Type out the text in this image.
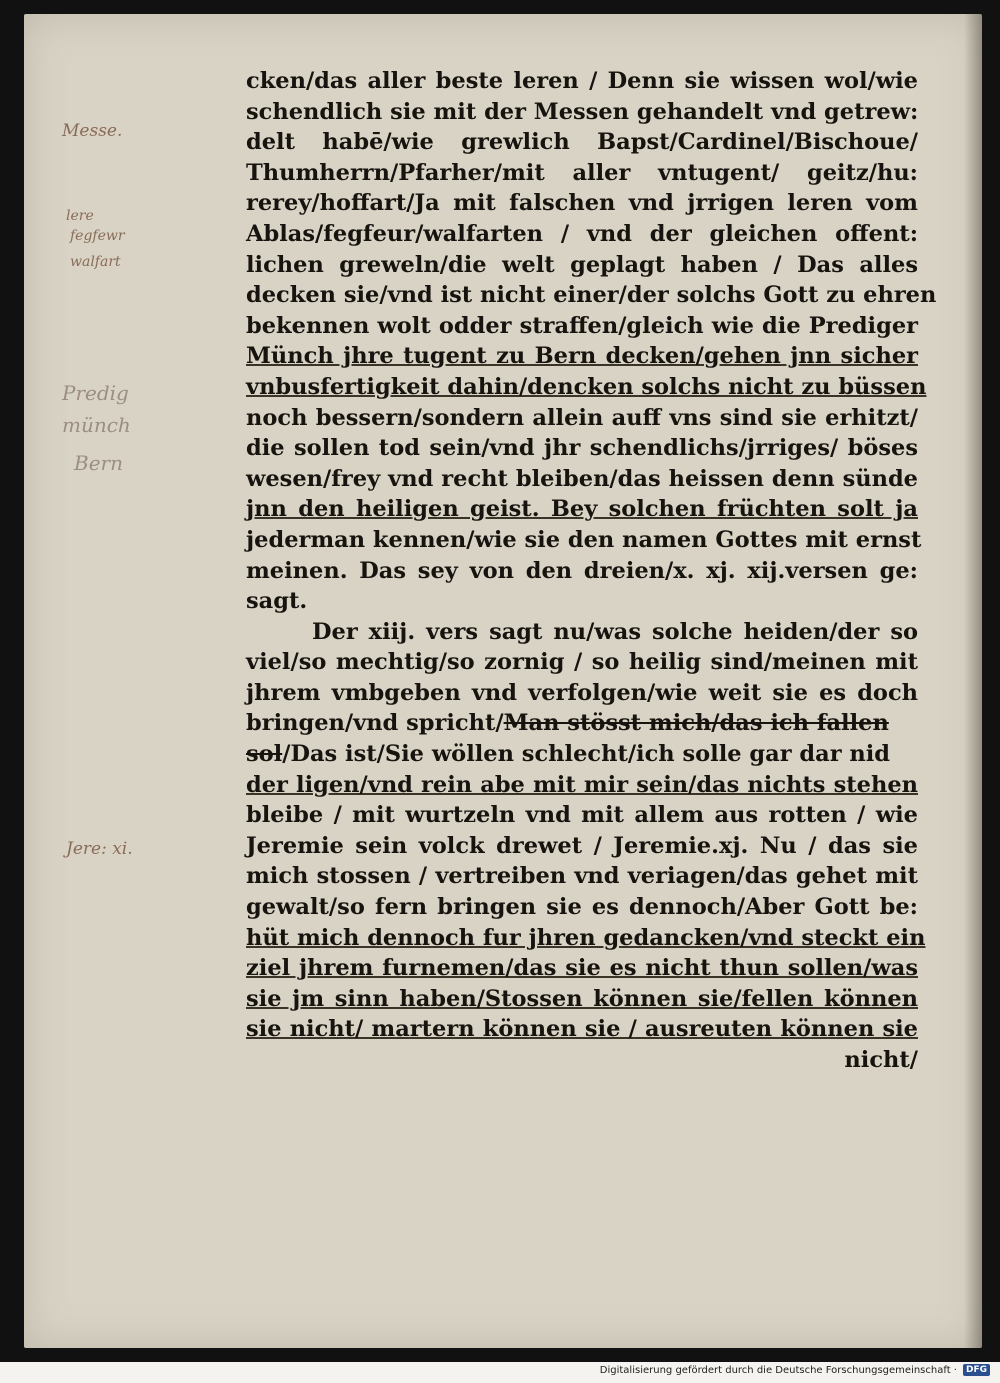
Messe.
lere
fegfewr
walfart
Predig
münch
Bern
Jere: xi.
cken/das aller beste leren / Denn sie wissen wol/wie
schendlich sie mit der Messen gehandelt vnd getrew:
delt habē/wie grewlich Bapst/Cardinel/Bischoue/
Thumherrn/Pfarher/mit aller vntugent/ geitz/hu:
rerey/hoffart/Ja mit falschen vnd jrrigen leren vom
Ablas/fegfeur/walfarten / vnd der gleichen offent:
lichen greweln/die welt geplagt haben / Das alles
decken sie/vnd ist nicht einer/der solchs Gott zu ehren
bekennen wolt odder straffen/gleich wie die Prediger
Münch jhre tugent zu Bern decken/gehen jnn sicher
vnbusfertigkeit dahin/dencken solchs nicht zu büssen
noch bessern/sondern allein auff vns sind sie erhitzt/
die sollen tod sein/vnd jhr schendlichs/jrriges/ böses
wesen/frey vnd recht bleiben/das heissen denn sünde
jnn den heiligen geist. Bey solchen früchten solt ja
jederman kennen/wie sie den namen Gottes mit ernst
meinen. Das sey von den dreien/x. xj. xij.versen ge:
sagt.
Der xiij. vers sagt nu/was solche heiden/der so
viel/so mechtig/so zornig / so heilig sind/meinen mit
jhrem vmbgeben vnd verfolgen/wie weit sie es doch
bringen/vnd spricht/Man stösst mich/das ich fallen
sol/Das ist/Sie wöllen schlecht/ich solle gar dar nid
der ligen/vnd rein abe mit mir sein/das nichts stehen
bleibe / mit wurtzeln vnd mit allem aus rotten / wie
Jeremie sein volck drewet / Jeremie.xj. Nu / das sie
mich stossen / vertreiben vnd veriagen/das gehet mit
gewalt/so fern bringen sie es dennoch/Aber Gott be:
hüt mich dennoch fur jhren gedancken/vnd steckt ein
ziel jhrem furnemen/das sie es nicht thun sollen/was
sie jm sinn haben/Stossen können sie/fellen können
sie nicht/ martern können sie / ausreuten können sie
nicht/
Digitalisierung gefördert durch die Deutsche Forschungsgemeinschaft ·	DFG
